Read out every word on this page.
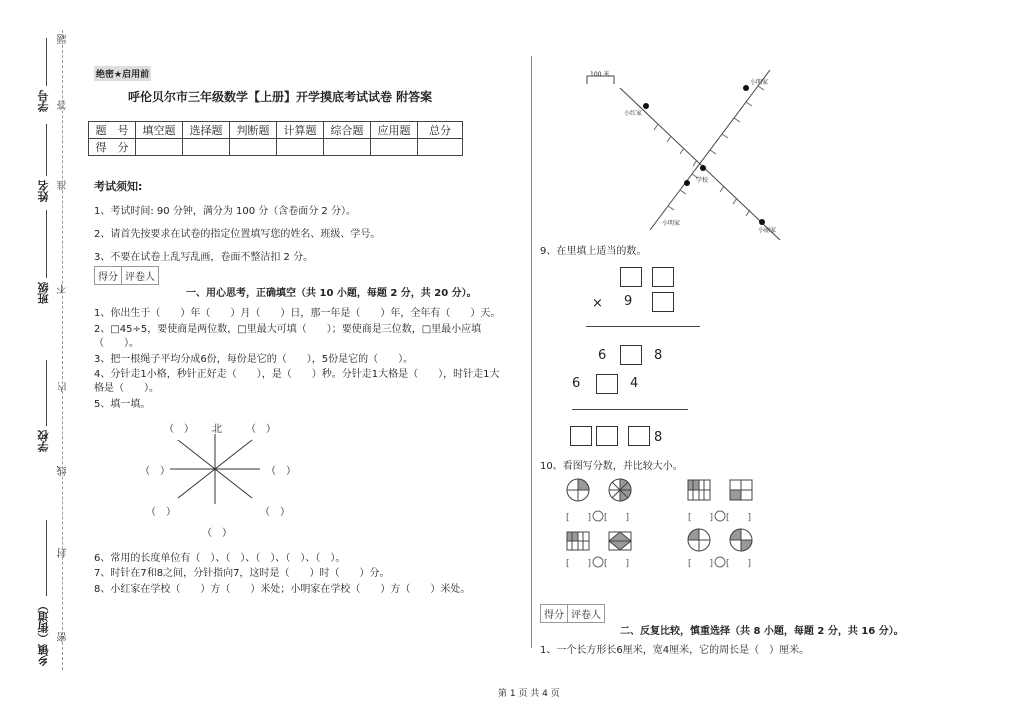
学号
姓名
班级
学校
乡镇（街道）
题
答
准
不
内
线
封
密
绝密★启用前
呼伦贝尔市三年级数学【上册】开学摸底考试试卷 附答案
题　号	填空题	选择题	判断题	计算题	综合题	应用题	总分
得　分							
考试须知:
1、考试时间: 90 分钟，满分为 100 分（含卷面分 2 分）。
2、请首先按要求在试卷的指定位置填写您的姓名、班级、学号。
3、不要在试卷上乱写乱画，卷面不整洁扣 2 分。
得分 评卷人
一、用心思考，正确填空（共 10 小题，每题 2 分，共 20 分）。
1、你出生于（　　）年（　　）月（　　）日，那一年是（　　）年，全年有（　　）天。
2、□45÷5，要使商是两位数，□里最大可填（　　）；要使商是三位数，□里最小应填
（　　）。
3、把一根绳子平均分成6份，每份是它的（　　），5份是它的（　　）。
4、分针走1小格，秒针正好走（　　），是（　　）秒。分针走1大格是（　　），时针走1大
格是（　　）。
5、填一填。
北
（　）	（　）
（　）	（　）
（　）	（　）
（　）
6、常用的长度单位有（　）、（　）、（　）、（　）、（　）。
7、时针在7和8之间，分针指向7，这时是（　　）时（　　）分。
8、小红家在学校（　　）方（　　）米处；小明家在学校（　　）方（　　）米处。
100 米
小明家
小红家
学校
小明家
小丽家
9、在里填上适当的数。
× 9
6	8
6	4
8
10、看图写分数，并比较大小。
[　　] [　　]	[　　] [　　]
[　　] [　　]	[　　] [　　]
得分 评卷人
二、反复比较，慎重选择（共 8 小题，每题 2 分，共 16 分）。
1、一个长方形长6厘米，宽4厘米，它的周长是（　）厘米。
第 1 页 共 4 页
